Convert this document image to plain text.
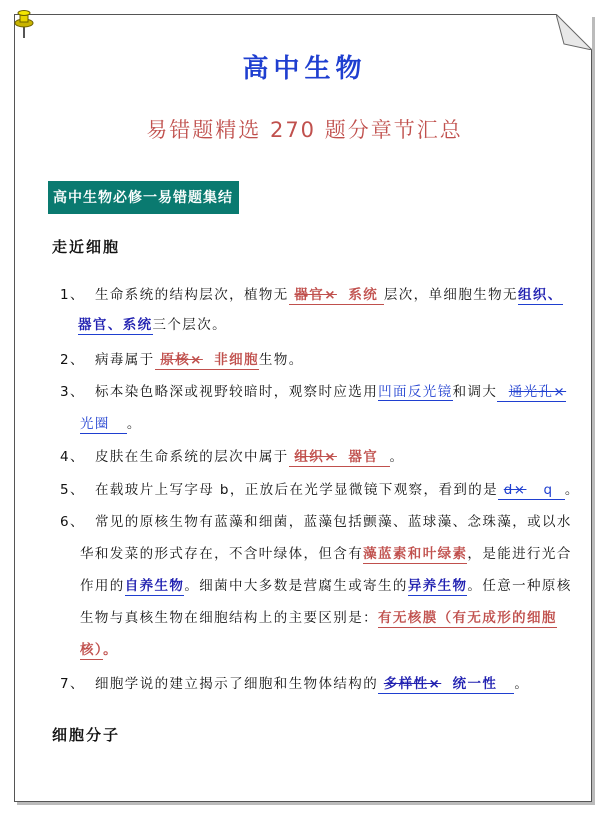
高中生物
易错题精选 270 题分章节汇总
高中生物必修一易错题集结
走近细胞
1、 生命系统的结构层次，植物无 器官× 系统 层次，单细胞生物无组织、
器官、系统三个层次。
2、 病毒属于 原核× 非细胞生物。
3、 标本染色略深或视野较暗时，观察时应选用凹面反光镜和调大 通光孔×
光圈 。
4、 皮肤在生命系统的层次中属于 组织× 器官 。
5、 在载玻片上写字母 b，正放后在光学显微镜下观察，看到的是 d× q 。
6、 常见的原核生物有蓝藻和细菌，蓝藻包括颤藻、蓝球藻、念珠藻，或以水
华和发菜的形式存在，不含叶绿体，但含有藻蓝素和叶绿素，是能进行光合
作用的自养生物。细菌中大多数是营腐生或寄生的异养生物。任意一种原核
生物与真核生物在细胞结构上的主要区别是：有无核膜（有无成形的细胞
核）。
7、 细胞学说的建立揭示了细胞和生物体结构的 多样性× 统一性 。
细胞分子
